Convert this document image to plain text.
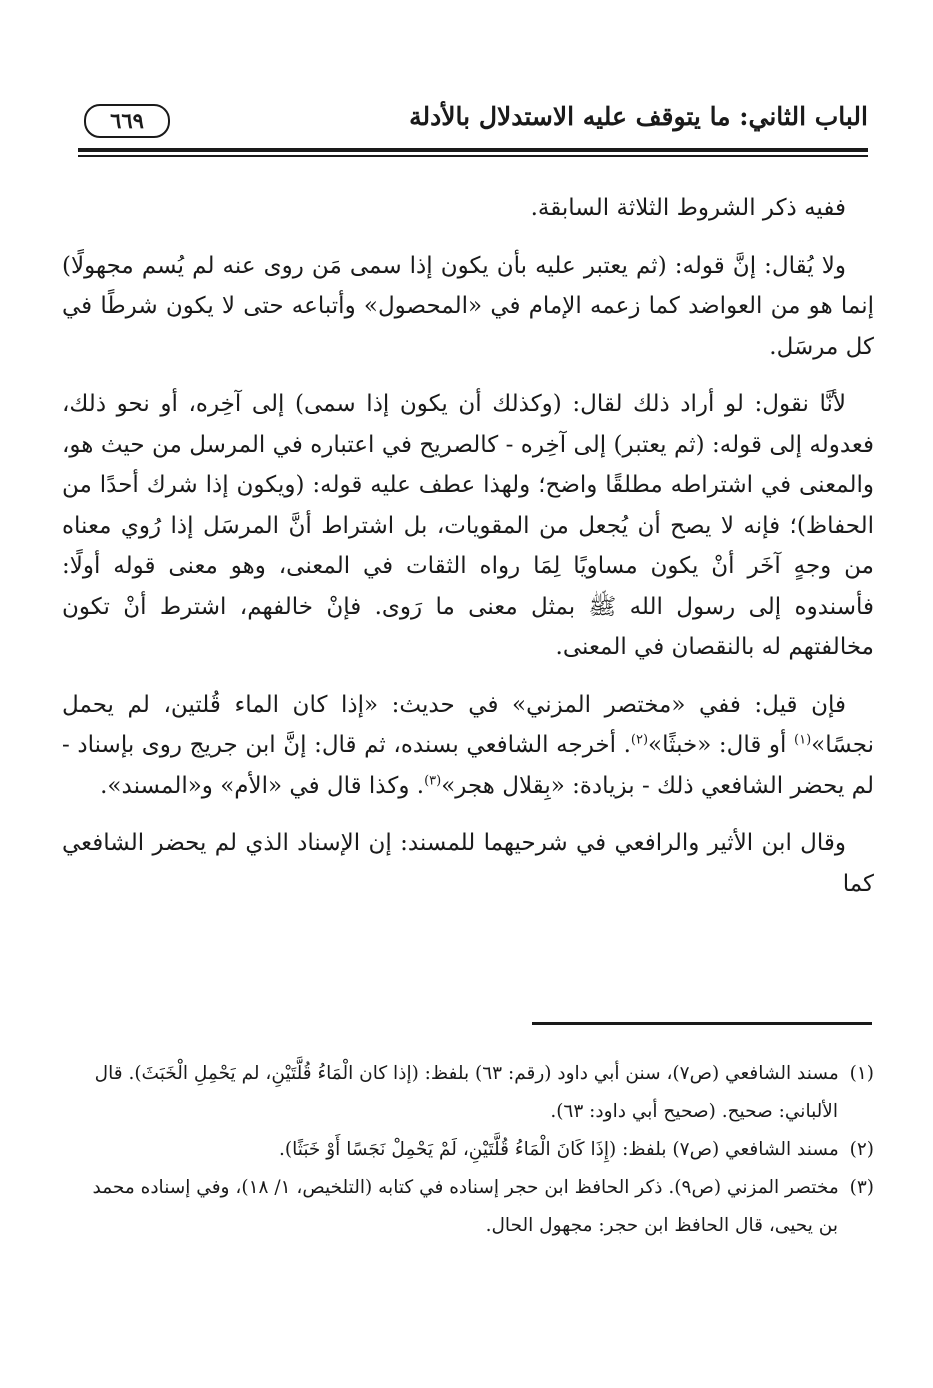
الباب الثاني: ما يتوقف عليه الاستدلال بالأدلة
٦٦٩

ففيه ذكر الشروط الثلاثة السابقة.

ولا يُقال: إنَّ قوله: (ثم يعتبر عليه بأن يكون إذا سمى مَن روى عنه لم يُسم مجهولًا) إنما هو من العواضد كما زعمه الإمام في «المحصول» وأتباعه حتى لا يكون شرطًا في كل مرسَل.

لأنَّا نقول: لو أراد ذلك لقال: (وكذلك أن يكون إذا سمى) إلى آخِره، أو نحو ذلك، فعدوله إلى قوله: (ثم يعتبر) إلى آخِره - كالصريح في اعتباره في المرسل من حيث هو، والمعنى في اشتراطه مطلقًا واضح؛ ولهذا عطف عليه قوله: (ويكون إذا شرك أحدًا من الحفاظ)؛ فإنه لا يصح أن يُجعل من المقويات، بل اشتراط أنَّ المرسَل إذا رُوي معناه من وجهٍ آخَر أنْ يكون مساويًا لِمَا رواه الثقات في المعنى، وهو معنى قوله أولًا: فأسندوه إلى رسول الله ﷺ بمثل معنى ما رَوى. فإنْ خالفهم، اشترط أنْ تكون مخالفتهم له بالنقصان في المعنى.

فإن قيل: ففي «مختصر المزني» في حديث: «إذا كان الماء قُلتين، لم يحمل نجسًا»$^{(١)}$ أو قال: «خبثًا»$^{(٢)}$. أخرجه الشافعي بسنده، ثم قال: إنَّ ابن جريج روى بإسناد - لم يحضر الشافعي ذلك - بزيادة: «بِقلال هجر»$^{(٣)}$. وكذا قال في «الأم» و«المسند».

وقال ابن الأثير والرافعي في شرحيهما للمسند: إن الإسناد الذي لم يحضر الشافعي كما

(١) مسند الشافعي (ص٧)، سنن أبي داود (رقم: ٦٣) بلفظ: (إذا كان الْمَاءُ قُلَّتَيْنِ، لم يَحْمِلِ الْخَبَثَ). قال

الألباني: صحيح. (صحيح أبي داود: ٦٣).

(٢) مسند الشافعي (ص٧) بلفظ: (إِذَا كَانَ الْمَاءُ قُلَّتَيْنِ، لَمْ يَحْمِلْ نَجَسًا أَوْ خَبَثًا).

(٣) مختصر المزني (ص٩). ذكر الحافظ ابن حجر إسناده في كتابه (التلخيص، ١/ ١٨)، وفي إسناده محمد

بن يحيى، قال الحافظ ابن حجر: مجهول الحال.
